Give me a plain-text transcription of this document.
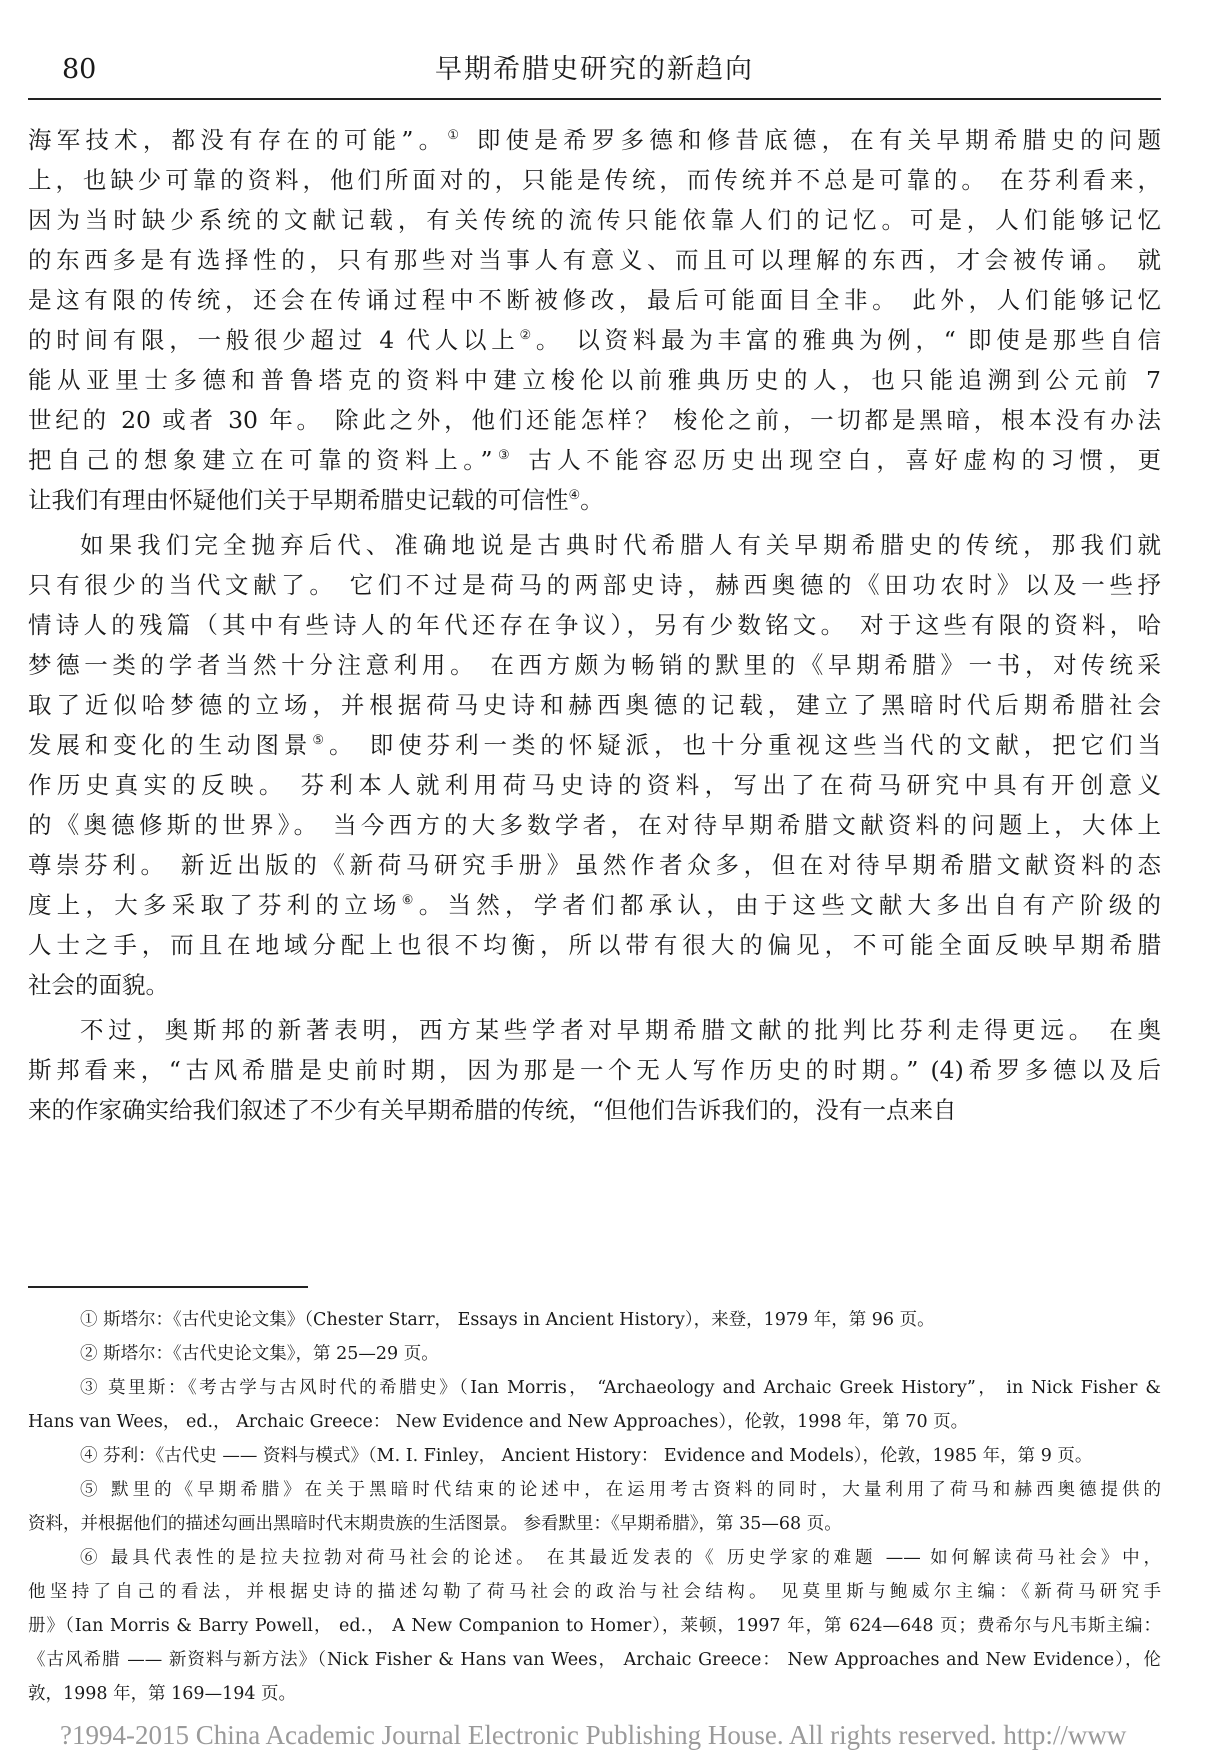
80	早期希腊史研究的新趋向
海军技术，都没有存在的可能”。① 即使是希罗多德和修昔底德，在有关早期希腊史的问题
上，也缺少可靠的资料，他们所面对的，只能是传统，而传统并不总是可靠的。 在芬利看来，
因为当时缺少系统的文献记载，有关传统的流传只能依靠人们的记忆。可是，人们能够记忆
的东西多是有选择性的，只有那些对当事人有意义、而且可以理解的东西，才会被传诵。 就
是这有限的传统，还会在传诵过程中不断被修改，最后可能面目全非。 此外，人们能够记忆
的时间有限，一般很少超过 4 代人以上②。 以资料最为丰富的雅典为例，“ 即使是那些自信
能从亚里士多德和普鲁塔克的资料中建立梭伦以前雅典历史的人，也只能追溯到公元前 7
世纪的 20 或者 30 年。 除此之外，他们还能怎样？ 梭伦之前，一切都是黑暗，根本没有办法
把自己的想象建立在可靠的资料上。”③ 古人不能容忍历史出现空白，喜好虚构的习惯，更
让我们有理由怀疑他们关于早期希腊史记载的可信性④。
如果我们完全抛弃后代、准确地说是古典时代希腊人有关早期希腊史的传统，那我们就
只有很少的当代文献了。 它们不过是荷马的两部史诗，赫西奥德的《田功农时》以及一些抒
情诗人的残篇（其中有些诗人的年代还存在争议），另有少数铭文。 对于这些有限的资料，哈
梦德一类的学者当然十分注意利用。 在西方颇为畅销的默里的《早期希腊》一书，对传统采
取了近似哈梦德的立场，并根据荷马史诗和赫西奥德的记载，建立了黑暗时代后期希腊社会
发展和变化的生动图景⑤。 即使芬利一类的怀疑派，也十分重视这些当代的文献，把它们当
作历史真实的反映。 芬利本人就利用荷马史诗的资料，写出了在荷马研究中具有开创意义
的《奥德修斯的世界》。 当今西方的大多数学者，在对待早期希腊文献资料的问题上，大体上
尊崇芬利。 新近出版的《新荷马研究手册》虽然作者众多，但在对待早期希腊文献资料的态
度上，大多采取了芬利的立场⑥。当然，学者们都承认，由于这些文献大多出自有产阶级的
人士之手，而且在地域分配上也很不均衡，所以带有很大的偏见，不可能全面反映早期希腊
社会的面貌。
不过，奥斯邦的新著表明，西方某些学者对早期希腊文献的批判比芬利走得更远。 在奥
斯邦看来，“古风希腊是史前时期，因为那是一个无人写作历史的时期。” (4)希罗多德以及后
来的作家确实给我们叙述了不少有关早期希腊的传统，“但他们告诉我们的，没有一点来自
① 斯塔尔：《古代史论文集》（Chester Starr， Essays in Ancient History），来登，1979 年，第 96 页。
② 斯塔尔：《古代史论文集》，第 25—29 页。
③ 莫里斯：《考古学与古风时代的希腊史》（Ian Morris， “Archaeology and Archaic Greek History”， in Nick Fisher &
Hans van Wees， ed.， Archaic Greece： New Evidence and New Approaches），伦敦，1998 年，第 70 页。
④ 芬利：《古代史 —— 资料与模式》（M. I. Finley， Ancient History： Evidence and Models），伦敦，1985 年，第 9 页。
⑤ 默里的《早期希腊》在关于黑暗时代结束的论述中，在运用考古资料的同时，大量利用了荷马和赫西奥德提供的
资料，并根据他们的描述勾画出黑暗时代末期贵族的生活图景。 参看默里：《早期希腊》，第 35—68 页。
⑥ 最具代表性的是拉夫拉勃对荷马社会的论述。 在其最近发表的《 历史学家的难题 —— 如何解读荷马社会》中，
他坚持了自己的看法，并根据史诗的描述勾勒了荷马社会的政治与社会结构。 见莫里斯与鲍威尔主编：《新荷马研究手
册》（Ian Morris & Barry Powell， ed.， A New Companion to Homer），莱顿，1997 年，第 624—648 页；费希尔与凡韦斯主编：
《古风希腊 —— 新资料与新方法》（Nick Fisher & Hans van Wees， Archaic Greece： New Approaches and New Evidence），伦
敦，1998 年，第 169—194 页。
?1994-2015 China Academic Journal Electronic Publishing House. All rights reserved. http://www
